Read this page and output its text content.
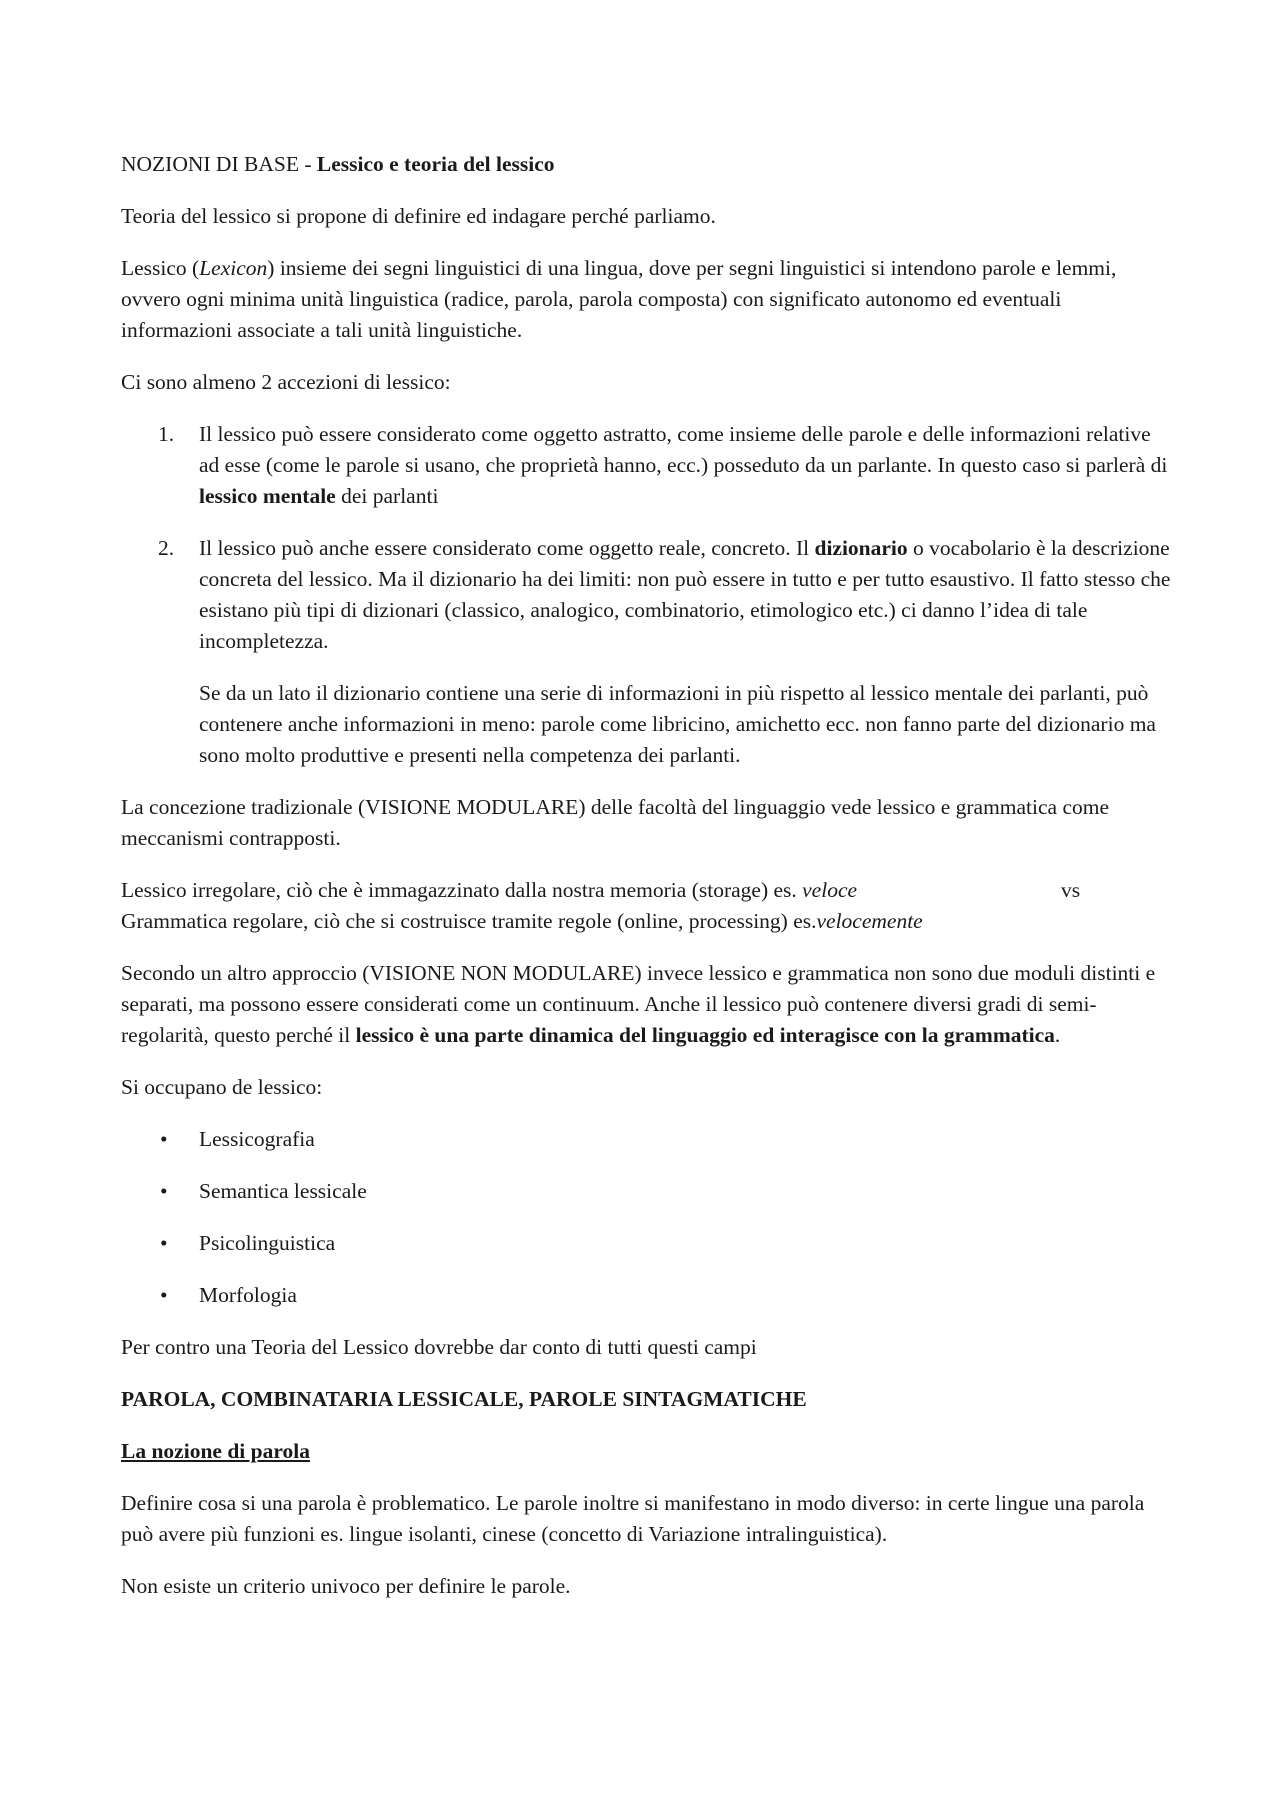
NOZIONI DI BASE - Lessico e teoria del lessico

Teoria del lessico si propone di definire ed indagare perché parliamo.

Lessico (Lexicon) insieme dei segni linguistici di una lingua, dove per segni linguistici si intendono parole e lemmi, ovvero ogni minima unità linguistica (radice, parola, parola composta) con significato autonomo ed eventuali informazioni associate a tali unità linguistiche.

Ci sono almeno 2 accezioni di lessico:

1. Il lessico può essere considerato come oggetto astratto, come insieme delle parole e delle informazioni relative ad esse (come le parole si usano, che proprietà hanno, ecc.) posseduto da un parlante. In questo caso si parlerà di lessico mentale dei parlanti
2. Il lessico può anche essere considerato come oggetto reale, concreto. Il dizionario o vocabolario è la descrizione concreta del lessico. Ma il dizionario ha dei limiti: non può essere in tutto e per tutto esaustivo. Il fatto stesso che esistano più tipi di dizionari (classico, analogico, combinatorio, etimologico etc.) ci danno l’idea di tale incompletezza.

Se da un lato il dizionario contiene una serie di informazioni in più rispetto al lessico mentale dei parlanti, può contenere anche informazioni in meno: parole come libricino, amichetto ecc. non fanno parte del dizionario ma sono molto produttive e presenti nella competenza dei parlanti.

La concezione tradizionale (VISIONE MODULARE) delle facoltà del linguaggio vede lessico e grammatica come meccanismi contrapposti.

Lessico irregolare, ciò che è immagazzinato dalla nostra memoria (storage) es. veloce	vs
Grammatica regolare, ciò che si costruisce tramite regole (online, processing) es. velocemente

Secondo un altro approccio (VISIONE NON MODULARE) invece lessico e grammatica non sono due moduli distinti e separati, ma possono essere considerati come un continuum. Anche il lessico può contenere diversi gradi di semi-regolarità, questo perché il lessico è una parte dinamica del linguaggio ed interagisce con la grammatica.

Si occupano de lessico:

• Lessicografia
• Semantica lessicale
• Psicolinguistica
• Morfologia

Per contro una Teoria del Lessico dovrebbe dar conto di tutti questi campi

PAROLA, COMBINATARIA LESSICALE, PAROLE SINTAGMATICHE

La nozione di parola

Definire cosa si una parola è problematico. Le parole inoltre si manifestano in modo diverso: in certe lingue una parola può avere più funzioni es. lingue isolanti, cinese (concetto di Variazione intralinguistica).

Non esiste un criterio univoco per definire le parole.
